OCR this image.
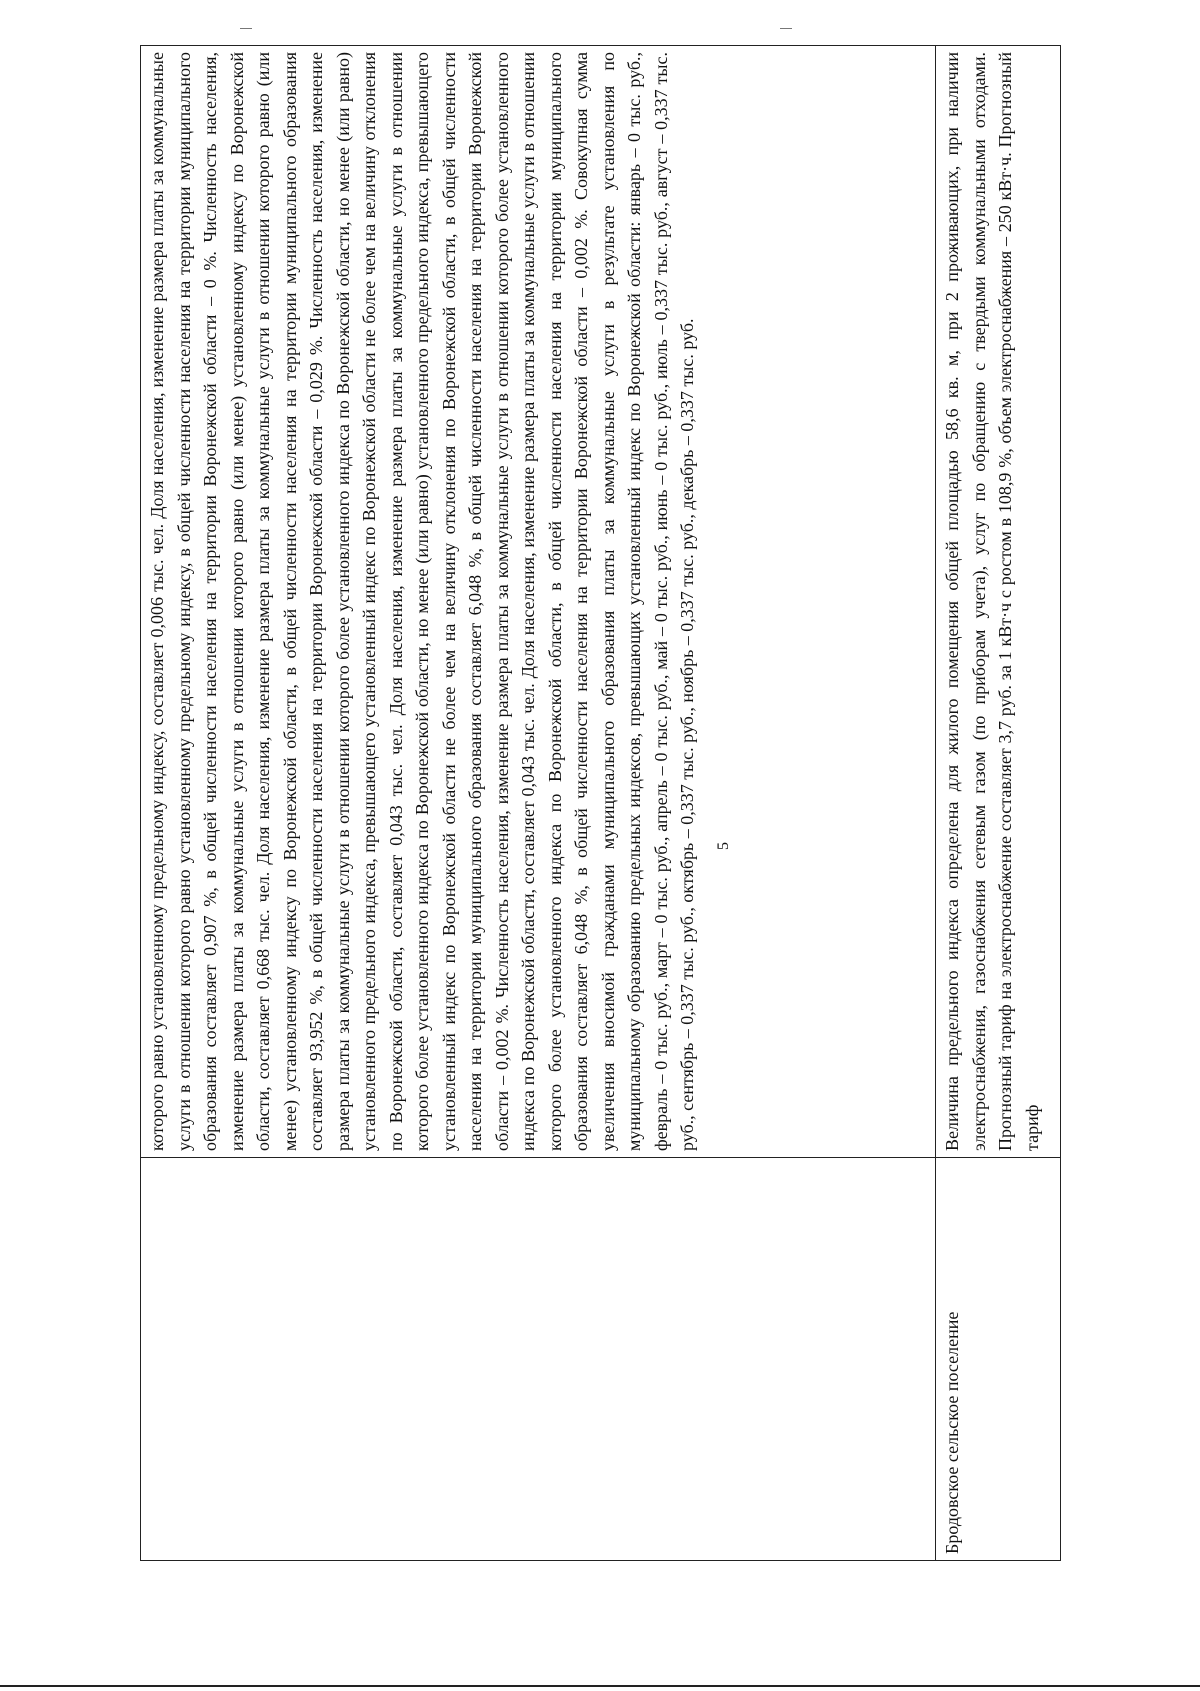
5
	которого равно установленному предельному индексу, составляет 0,006 тыс. чел. Доля населения, изменение размера платы за коммунальные услуги в отношении которого равно установленному предельному индексу, в общей численности населения на территории муниципального образования составляет 0,907 %, в общей численности населения на территории Воронежской области – 0 %. Численность населения, изменение размера платы за коммунальные услуги в отношении которого равно (или менее) установленному индексу по Воронежской области, составляет 0,668 тыс. чел. Доля населения, изменение размера платы за коммунальные услуги в отношении которого равно (или менее) установленному индексу по Воронежской области, в общей численности населения на территории муниципального образования составляет 93,952 %, в общей численности населения на территории Воронежской области – 0,029 %. Численность населения, изменение размера платы за коммунальные услуги в отношении которого более установленного индекса по Воронежской области, но менее (или равно) установленного предельного индекса, превышающего установленный индекс по Воронежской области не более чем на величину отклонения по Воронежской области, составляет 0,043 тыс. чел. Доля населения, изменение размера платы за коммунальные услуги в отношении которого более установленного индекса по Воронежской области, но менее (или равно) установленного предельного индекса, превышающего установленный индекс по Воронежской области не более чем на величину отклонения по Воронежской области, в общей численности населения на территории муниципального образования составляет 6,048 %, в общей численности населения на территории Воронежской области – 0,002 %. Численность населения, изменение размера платы за коммунальные услуги в отношении которого более установленного индекса по Воронежской области, составляет 0,043 тыс. чел. Доля населения, изменение размера платы за коммунальные услуги в отношении которого более установленного индекса по Воронежской области, в общей численности населения на территории муниципального образования составляет 6,048 %, в общей численности населения на территории Воронежской области – 0,002 %. Совокупная сумма увеличения вносимой гражданами муниципального образования платы за коммунальные услуги в результате установления по муниципальному образованию предельных индексов, превышающих установленный индекс по Воронежской области: январь – 0 тыс. руб., февраль – 0 тыс. руб., март – 0 тыс. руб., апрель – 0 тыс. руб., май – 0 тыс. руб., июнь – 0 тыс. руб., июль – 0,337 тыс. руб., август – 0,337 тыс. руб., сентябрь – 0,337 тыс. руб., октябрь – 0,337 тыс. руб., ноябрь – 0,337 тыс. руб., декабрь – 0,337 тыс. руб.
Бродовское сельское поселение	Величина предельного индекса определена для жилого помещения общей площадью 58,6 кв. м, при 2 проживающих, при наличии электроснабжения, газоснабжения сетевым газом (по приборам учета), услуг по обращению с твердыми коммунальными отходами. Прогнозный тариф на электроснабжение составляет 3,7 руб. за 1 кВт·ч с ростом в 108,9 %, объем электроснабжения – 250 кВт·ч. Прогнозный тариф
